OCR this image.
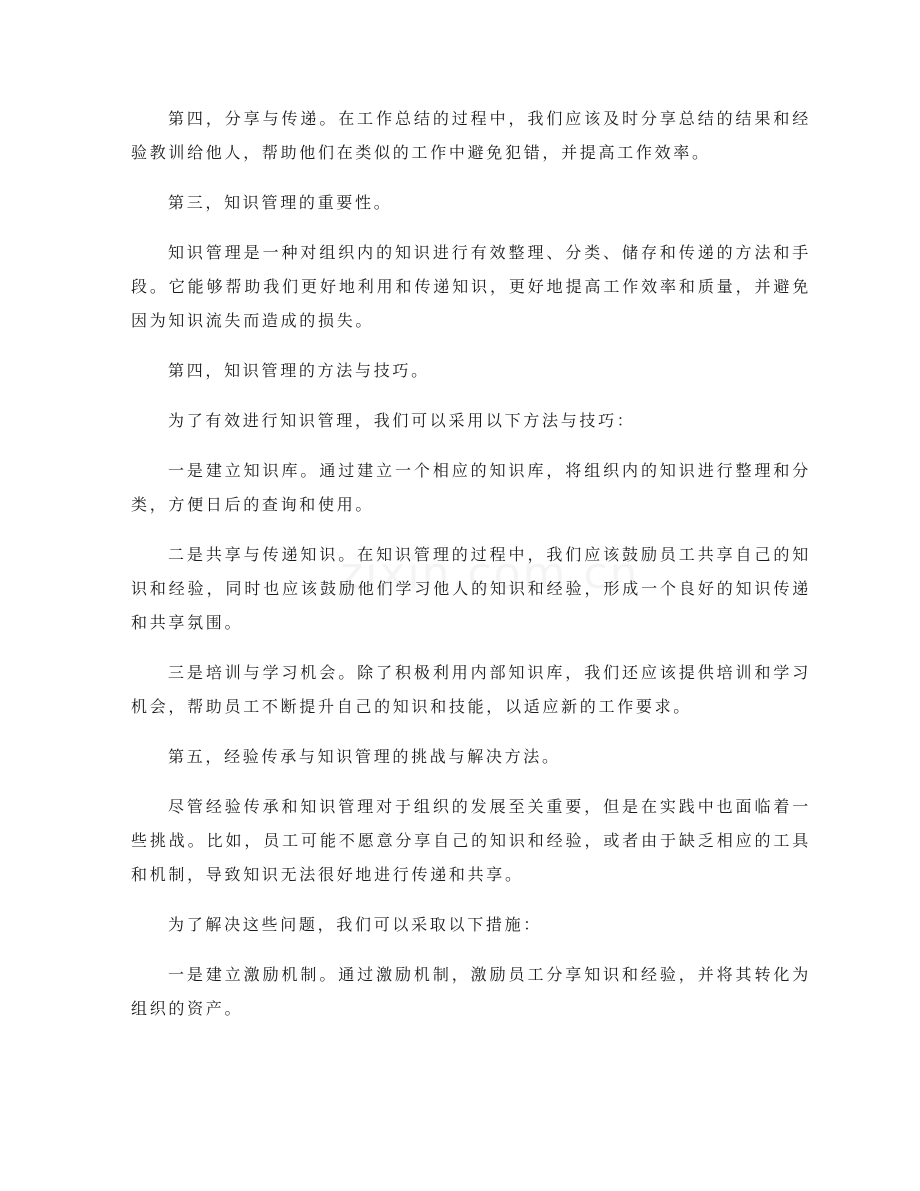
第四，分享与传递。在工作总结的过程中，我们应该及时分享总结的结果和经验教训给他人，帮助他们在类似的工作中避免犯错，并提高工作效率。

第三，知识管理的重要性。

知识管理是一种对组织内的知识进行有效整理、分类、储存和传递的方法和手段。它能够帮助我们更好地利用和传递知识，更好地提高工作效率和质量，并避免因为知识流失而造成的损失。

第四，知识管理的方法与技巧。

为了有效进行知识管理，我们可以采用以下方法与技巧：

一是建立知识库。通过建立一个相应的知识库，将组织内的知识进行整理和分类，方便日后的查询和使用。

二是共享与传递知识。在知识管理的过程中，我们应该鼓励员工共享自己的知识和经验，同时也应该鼓励他们学习他人的知识和经验，形成一个良好的知识传递和共享氛围。

三是培训与学习机会。除了积极利用内部知识库，我们还应该提供培训和学习机会，帮助员工不断提升自己的知识和技能，以适应新的工作要求。

第五，经验传承与知识管理的挑战与解决方法。

尽管经验传承和知识管理对于组织的发展至关重要，但是在实践中也面临着一些挑战。比如，员工可能不愿意分享自己的知识和经验，或者由于缺乏相应的工具和机制，导致知识无法很好地进行传递和共享。

为了解决这些问题，我们可以采取以下措施：

一是建立激励机制。通过激励机制，激励员工分享知识和经验，并将其转化为组织的资产。
